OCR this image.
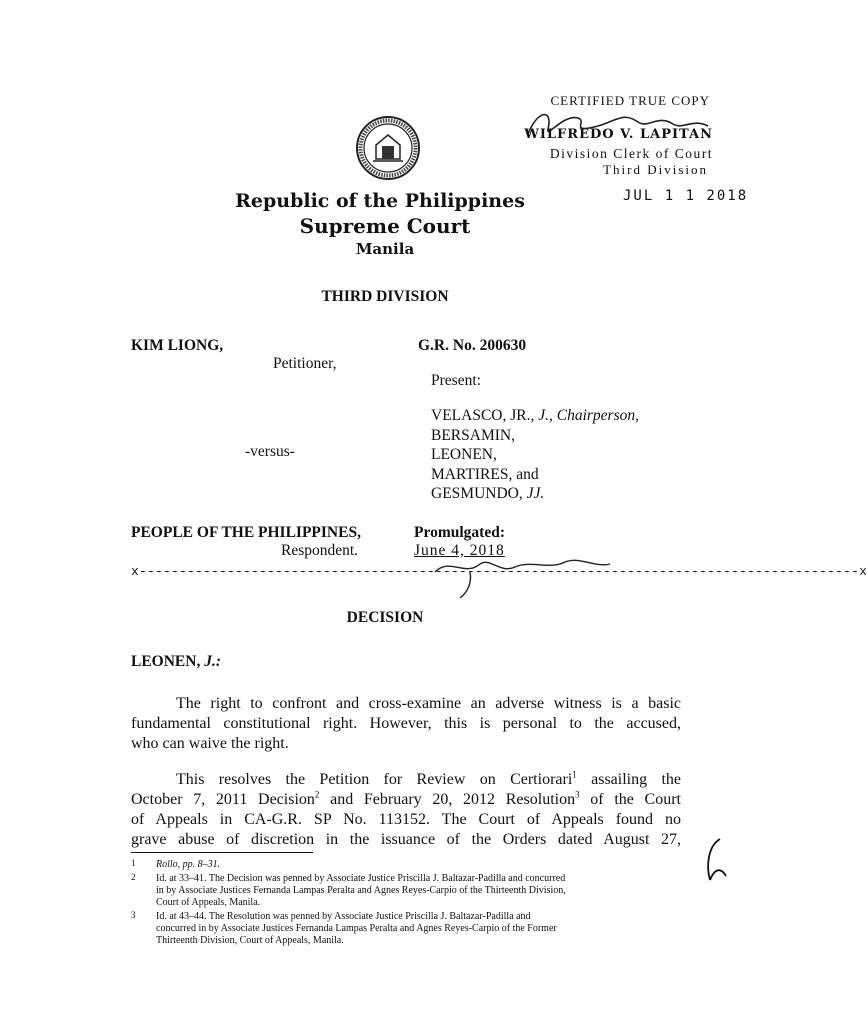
CERTIFIED TRUE COPY
WILFREDO V. LAPITAN
Division Clerk of Court
Third Division
JUL 1 1 2018
Republic of the Philippines
Supreme Court
Manila
THIRD DIVISION
KIM LIONG,
Petitioner,
G.R. No. 200630
Present:
VELASCO, JR., J., Chairperson,
BERSAMIN,
LEONEN,
MARTIRES, and
GESMUNDO, JJ.
-versus-
PEOPLE OF THE PHILIPPINES,
Respondent.
Promulgated:
June 4, 2018
x------------------------------------------------------------------------------------------x
DECISION
LEONEN, J.:
The right to confront and cross-examine an adverse witness is a basic
fundamental constitutional right. However, this is personal to the accused,
who can waive the right.
This resolves the Petition for Review on Certiorari$^1$ assailing the
October 7, 2011 Decision$^2$ and February 20, 2012 Resolution$^3$ of the Court
of Appeals in CA-G.R. SP No. 113152. The Court of Appeals found no
grave abuse of discretion in the issuance of the Orders dated August 27,
1 Rollo, pp. 8–31.
2 Id. at 33–41. The Decision was penned by Associate Justice Priscilla J. Baltazar-Padilla and concurred
in by Associate Justices Fernanda Lampas Peralta and Agnes Reyes-Carpio of the Thirteenth Division,
Court of Appeals, Manila.
3 Id. at 43–44. The Resolution was penned by Associate Justice Priscilla J. Baltazar-Padilla and
concurred in by Associate Justices Fernanda Lampas Peralta and Agnes Reyes-Carpio of the Former
Thirteenth Division, Court of Appeals, Manila.
